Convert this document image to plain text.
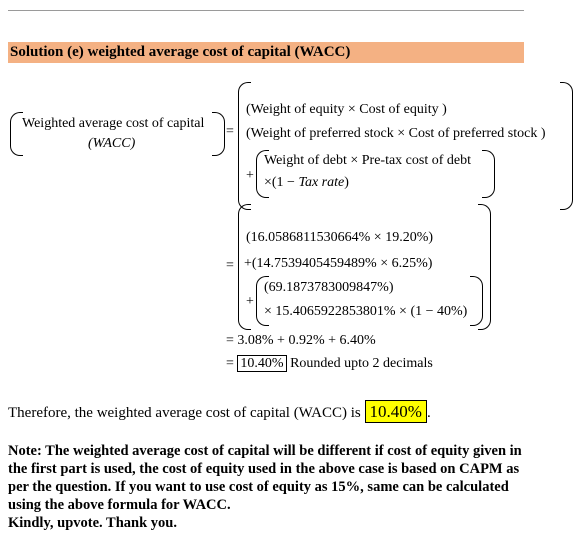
Solution (e) weighted average cost of capital (WACC)
Weighted average cost of capital
(WACC)
=
(Weight of equity × Cost of equity )
(Weight of preferred stock × Cost of preferred stock )
+
Weight of debt × Pre-tax cost of debt
×(1 − Tax rate)
=
(16.0586811530664% × 19.20%)
+(14.7539405459489% × 6.25%)
+
(69.1873783009847%)
× 15.4065922853801% × (1 − 40%)
= 3.08% + 0.92% + 6.40%
= 10.40% Rounded upto 2 decimals
Therefore, the weighted average cost of capital (WACC) is 10.40% .
Note: The weighted average cost of capital will be different if cost of equity given in the first part is used, the cost of equity used in the above case is based on CAPM as per the question. If you want to use cost of equity as 15%, same can be calculated using the above formula for WACC.
Kindly, upvote. Thank you.
